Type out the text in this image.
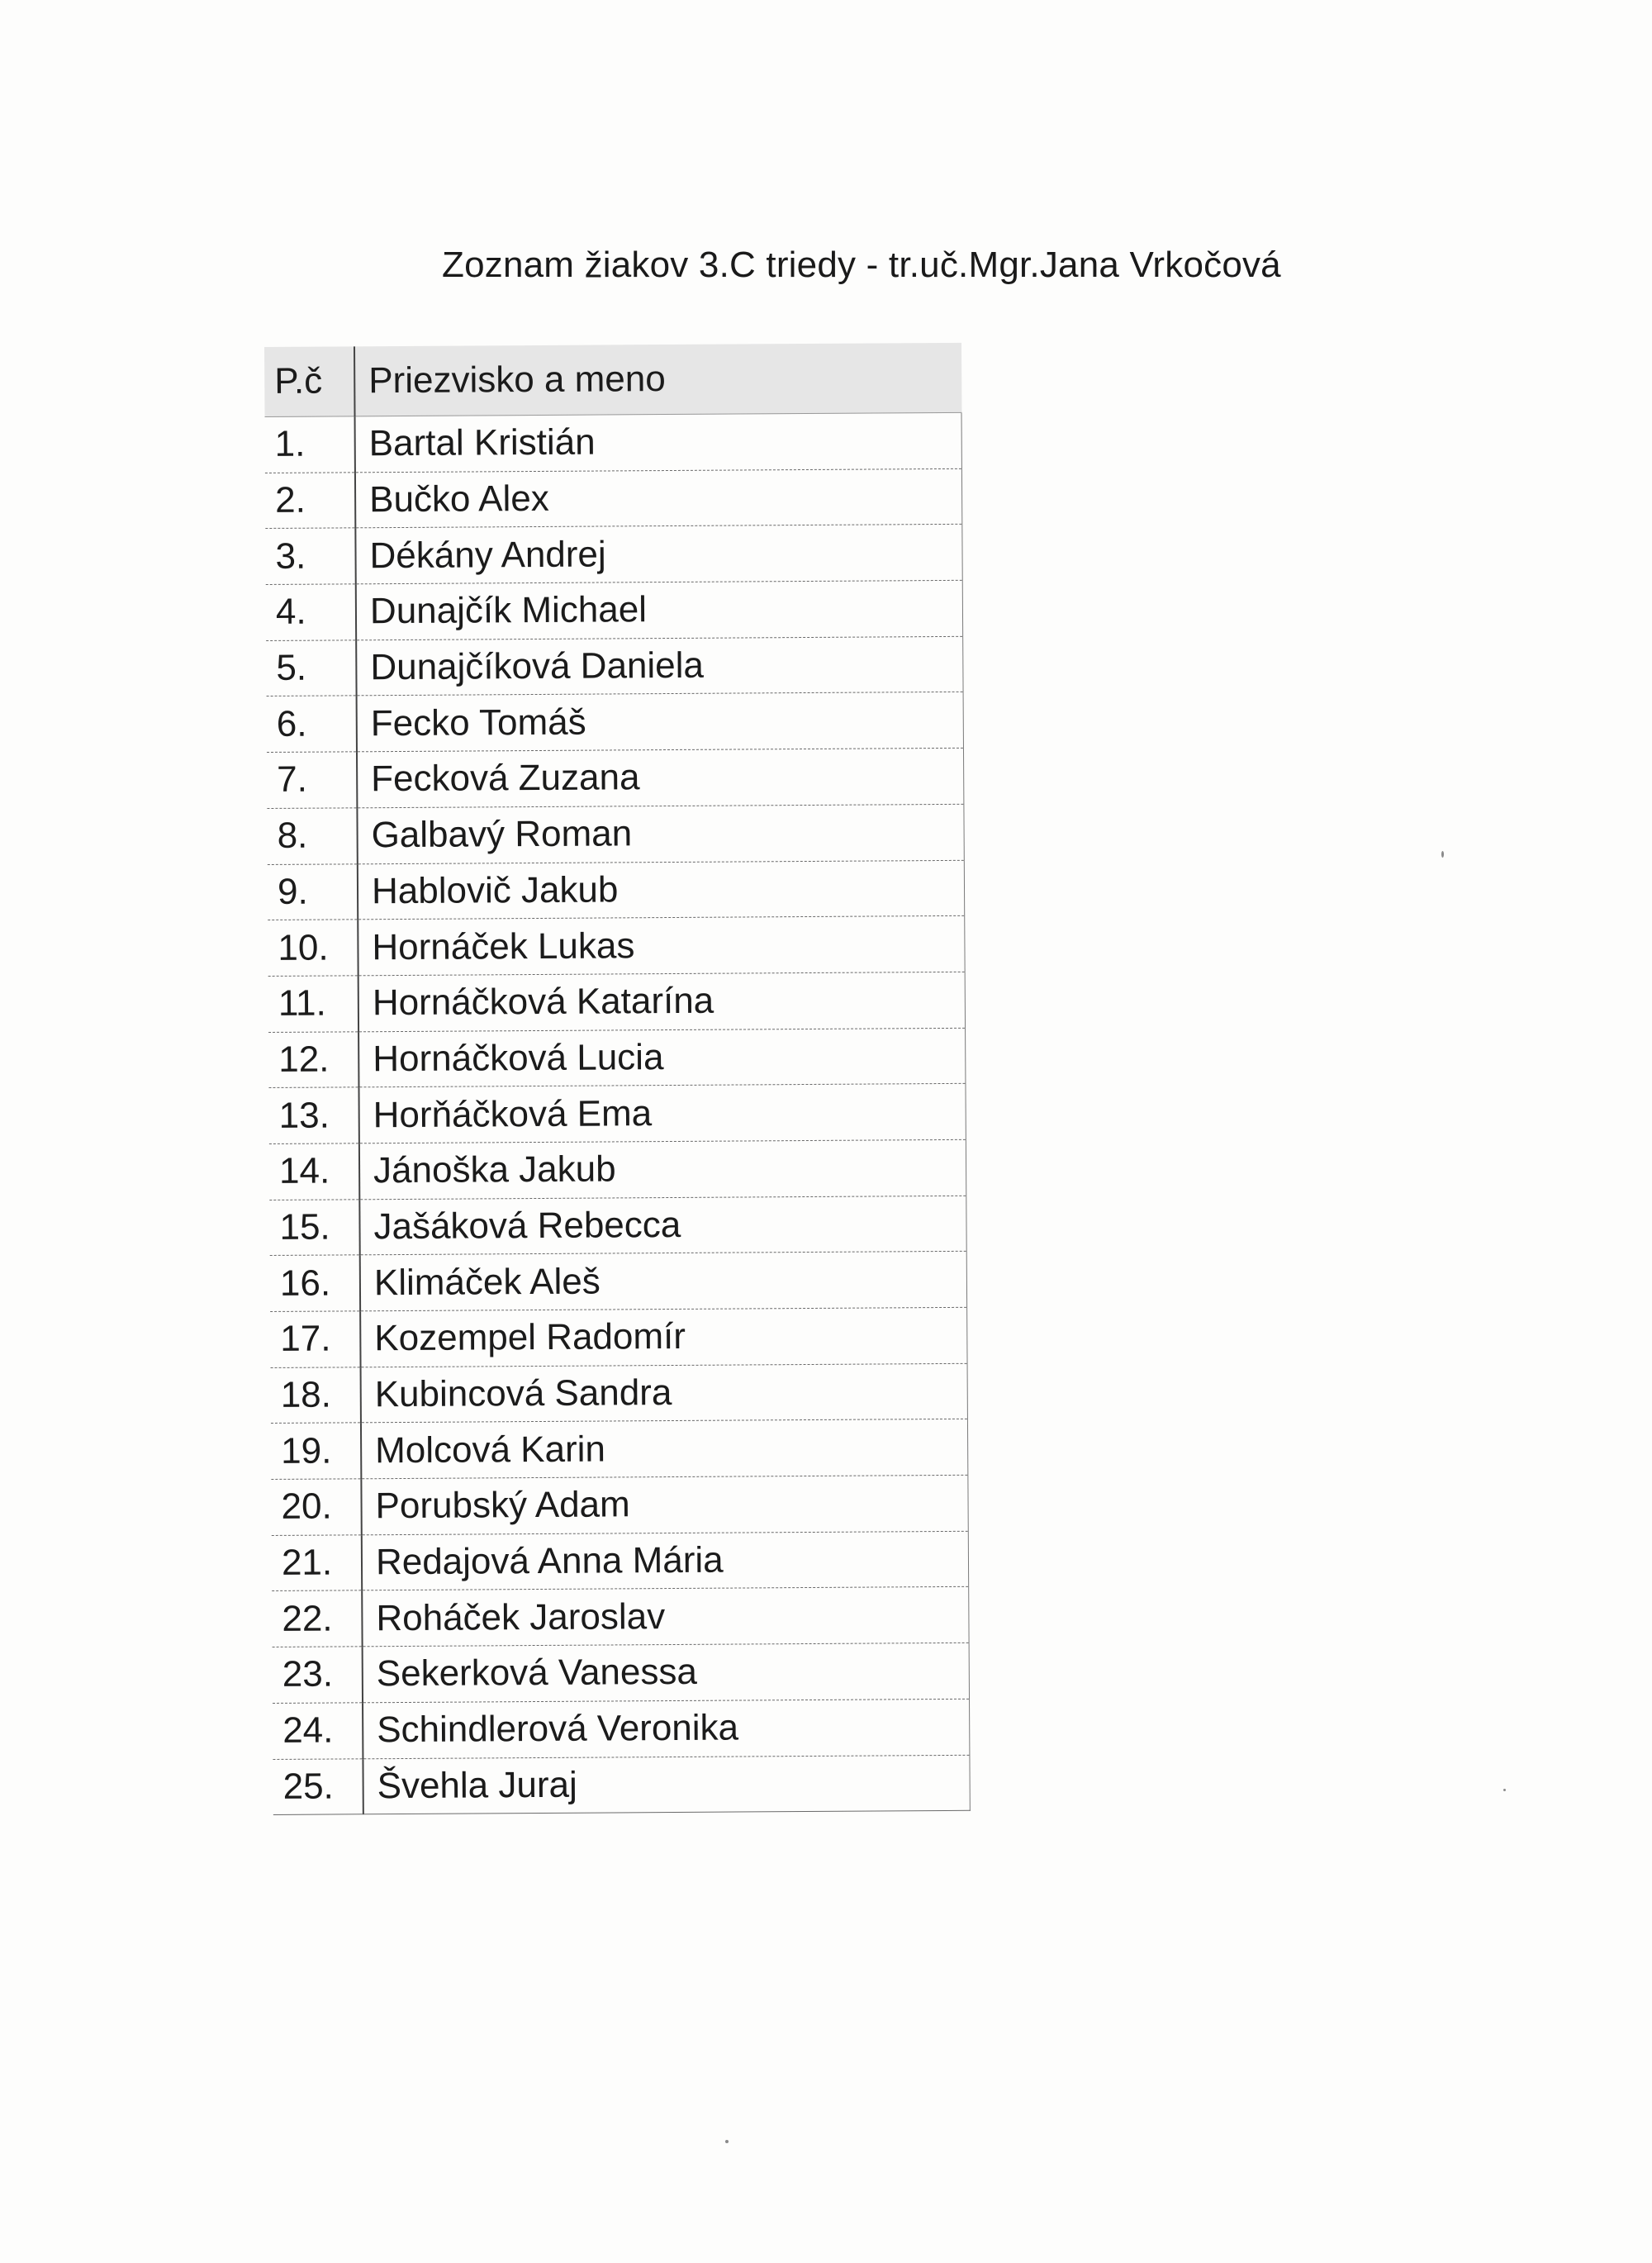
Zoznam žiakov 3.C triedy - tr.uč.Mgr.Jana Vrkočová
P.č	Priezvisko a meno
1.	Bartal Kristián
2.	Bučko Alex
3.	Dékány Andrej
4.	Dunajčík Michael
5.	Dunajčíková Daniela
6.	Fecko Tomáš
7.	Fecková Zuzana
8.	Galbavý Roman
9.	Hablovič Jakub
10.	Hornáček Lukas
11.	Hornáčková Katarína
12.	Hornáčková Lucia
13.	Horňáčková Ema
14.	Jánoška Jakub
15.	Jašáková Rebecca
16.	Klimáček Aleš
17.	Kozempel Radomír
18.	Kubincová Sandra
19.	Molcová Karin
20.	Porubský Adam
21.	Redajová Anna Mária
22.	Roháček Jaroslav
23.	Sekerková Vanessa
24.	Schindlerová Veronika
25.	Švehla Juraj
